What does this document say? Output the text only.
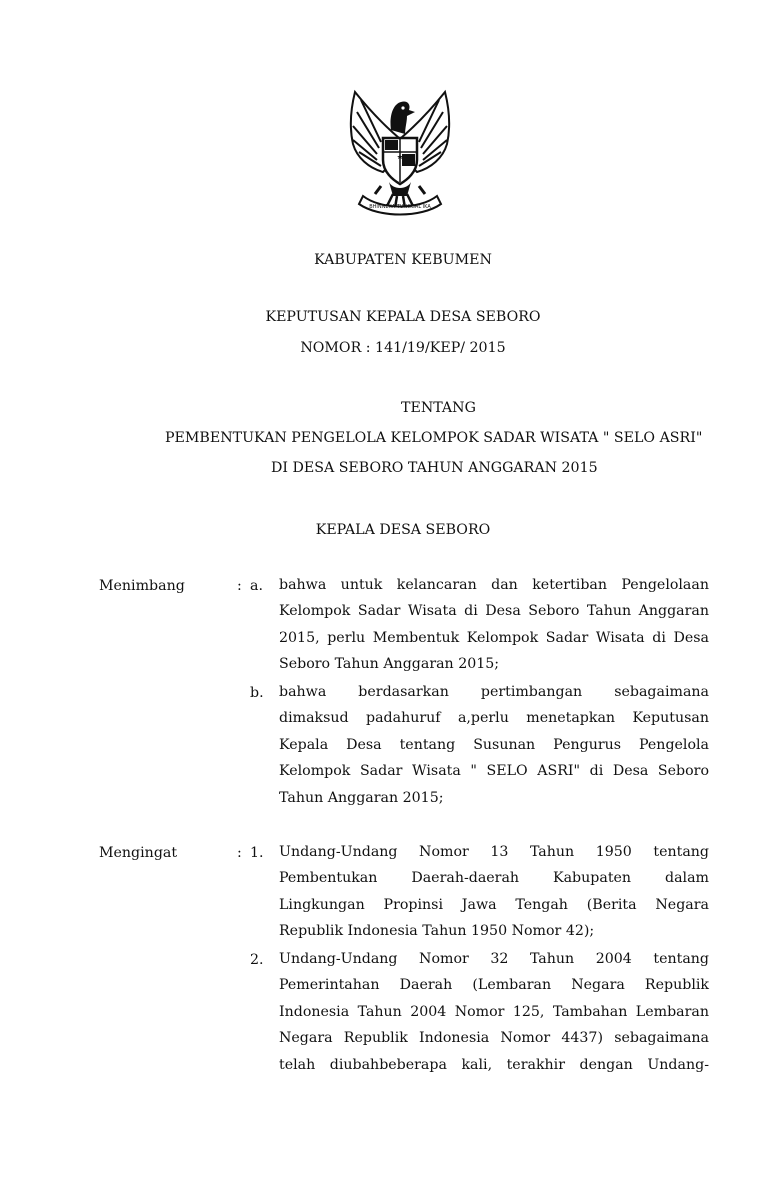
BHINNEKA TUNGGAL IKA
KABUPATEN KEBUMEN
KEPUTUSAN KEPALA DESA SEBORO
NOMOR : 141/19/KEP/ 2015
TENTANG
PEMBENTUKAN PENGELOLA KELOMPOK SADAR WISATA " SELO ASRI"
DI DESA SEBORO TAHUN ANGGARAN 2015
KEPALA DESA SEBORO
Menimbang	: a. bahwa untuk kelancaran dan ketertiban Pengelolaan
Kelompok Sadar Wisata di Desa Seboro Tahun Anggaran
2015, perlu Membentuk Kelompok Sadar Wisata di Desa
Seboro Tahun Anggaran 2015;
b. bahwa berdasarkan pertimbangan sebagaimana
dimaksud padahuruf a,perlu menetapkan Keputusan
Kepala Desa tentang Susunan Pengurus Pengelola
Kelompok Sadar Wisata " SELO ASRI" di Desa Seboro
Tahun Anggaran 2015;
Mengingat	: 1. Undang-Undang Nomor 13 Tahun 1950 tentang
Pembentukan Daerah-daerah Kabupaten dalam
Lingkungan Propinsi Jawa Tengah (Berita Negara
Republik Indonesia Tahun 1950 Nomor 42);
2. Undang-Undang Nomor 32 Tahun 2004 tentang
Pemerintahan Daerah (Lembaran Negara Republik
Indonesia Tahun 2004 Nomor 125, Tambahan Lembaran
Negara Republik Indonesia Nomor 4437) sebagaimana
telah diubahbeberapa kali, terakhir dengan Undang-
